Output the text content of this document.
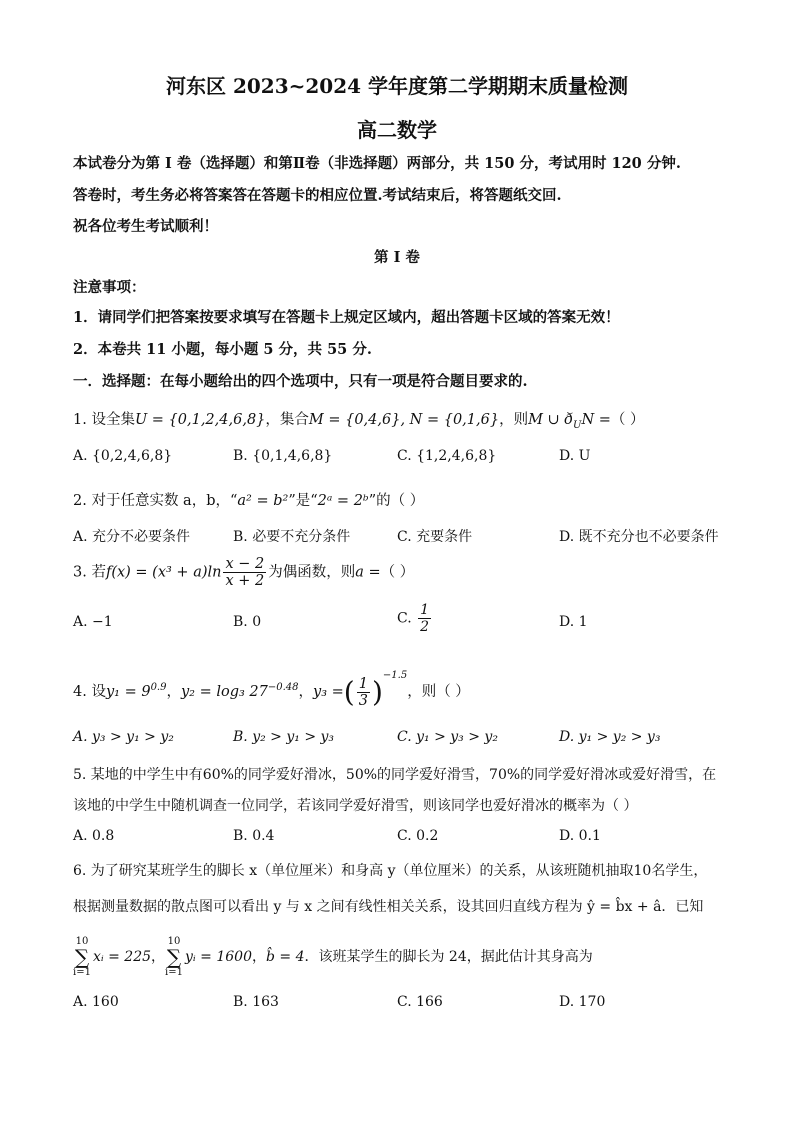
河东区 2023~2024 学年度第二学期期末质量检测
高二数学
本试卷分为第 I 卷（选择题）和第Ⅱ卷（非选择题）两部分，共 150 分，考试用时 120 分钟.
答卷时，考生务必将答案答在答题卡的相应位置.考试结束后，将答题纸交回.
祝各位考生考试顺利！
第 I 卷
注意事项：
1．请同学们把答案按要求填写在答题卡上规定区域内，超出答题卡区域的答案无效！
2．本卷共 11 小题，每小题 5 分，共 55 分.
一．选择题：在每小题给出的四个选项中，只有一项是符合题目要求的.
1. 设全集U = {0,1,2,4,6,8}，集合M = {0,4,6}, N = {0,1,6}，则M ∪ $ð_UN$ =（ ）
A. {0,2,4,6,8}	B. {0,1,4,6,8}	C. {1,2,4,6,8}	D. U
2. 对于任意实数 a，b，“a² = b²”是“2ᵃ = 2ᵇ”的（ ）
A. 充分不必要条件	B. 必要不充分条件	C. 充要条件	D. 既不充分也不必要条件
3. 若$f(x) = (x^3 + a)\ln \frac{x - 2}{x + 2}$ 为偶函数，则a =（ ）
A. −1	B. 0	C. $\frac{1}{2}$	D. 1
4. 设$y_1 = 9^{0.9}$，y₂ = log₃ $27^{-0.48}$，y₃ =( $\frac{1}{3} )^{-1.5}$，则（ ）
A. y₃ > y₁ > y₂	B. y₂ > y₁ > y₃	C. y₁ > y₃ > y₂	D. y₁ > y₂ > y₃
5. 某地的中学生中有60%的同学爱好滑冰，50%的同学爱好滑雪，70%的同学爱好滑冰或爱好滑雪，在
该地的中学生中随机调查一位同学，若该同学爱好滑雪，则该同学也爱好滑冰的概率为（ ）
A. 0.8	B. 0.4	C. 0.2	D. 0.1
6. 为了研究某班学生的脚长 x（单位厘米）和身高 y（单位厘米）的关系，从该班随机抽取10名学生，
根据测量数据的散点图可以看出 y 与 x 之间有线性相关关系，设其回归直线方程为 ŷ = b̂x + â．已知
10
∑
i=1xᵢ = 225，10
∑
i=1yᵢ = 1600，b̂ = 4．该班某学生的脚长为 24，据此估计其身高为
A. 160	B. 163	C. 166	D. 170
